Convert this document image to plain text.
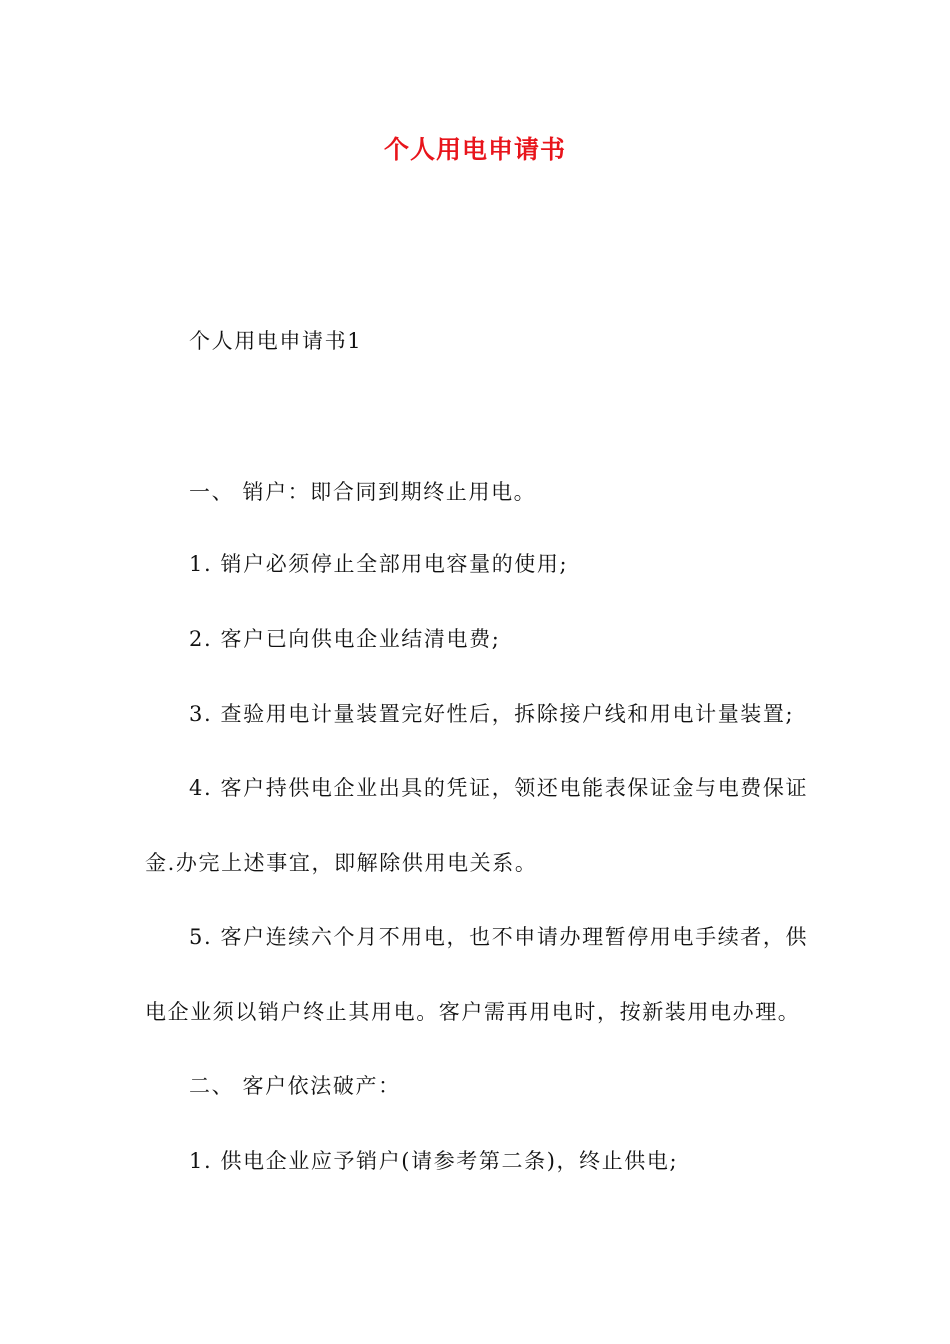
个人用电申请书
个人用电申请书1
一、 销户：即合同到期终止用电。
1. 销户必须停止全部用电容量的使用;
2. 客户已向供电企业结清电费;
3. 查验用电计量装置完好性后，拆除接户线和用电计量装置;
4. 客户持供电企业出具的凭证，领还电能表保证金与电费保证
金.办完上述事宜，即解除供用电关系。
5. 客户连续六个月不用电，也不申请办理暂停用电手续者，供
电企业须以销户终止其用电。客户需再用电时，按新装用电办理。
二、 客户依法破产：
1. 供电企业应予销户(请参考第二条)，终止供电;
